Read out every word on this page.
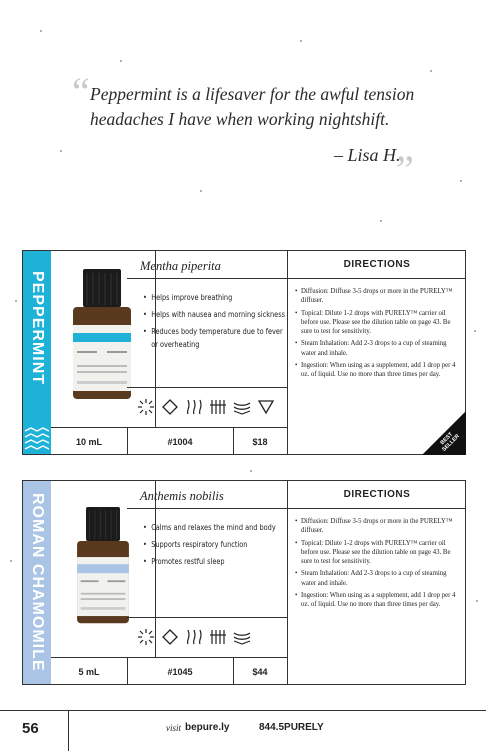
“ Peppermint is a lifesaver for the awful tension headaches I have when working nightshift.
– Lisa H.
”
PEPPERMINT
Mentha piperita
• Helps improve breathing
• Helps with nausea and morning sickness
• Reduces body temperature due to fever or overheating
DIRECTIONS
• Diffusion: Diffuse 3-5 drops or more in the PURELY™ diffuser.
• Topical: Dilute 1-2 drops with PURELY™ carrier oil before use. Please see the dilution table on page 43. Be sure to test for sensitivity.
• Steam Inhalation: Add 2-3 drops to a cup of steaming water and inhale.
• Ingestion: When using as a supplement, add 1 drop per 4 oz. of liquid. Use no more than three times per day.
10 mL	#1004	$18	BEST SELLER
ROMAN CHAMOMILE	Anthemis nobilis
• Calms and relaxes the mind and body
• Supports respiratory function
• Promotes restful sleep
DIRECTIONS
• Diffusion: Diffuse 3-5 drops or more in the PURELY™ diffuser.
• Topical: Dilute 1-2 drops with PURELY™ carrier oil before use. Please see the dilution table on page 43. Be sure to test for sensitivity.
• Steam Inhalation: Add 2-3 drops to a cup of steaming water and inhale.
• Ingestion: When using as a supplement, add 1 drop per 4 oz. of liquid. Use no more than three times per day.
5 mL	#1045	$44
56	visit bepure.ly	844.5PURELY
